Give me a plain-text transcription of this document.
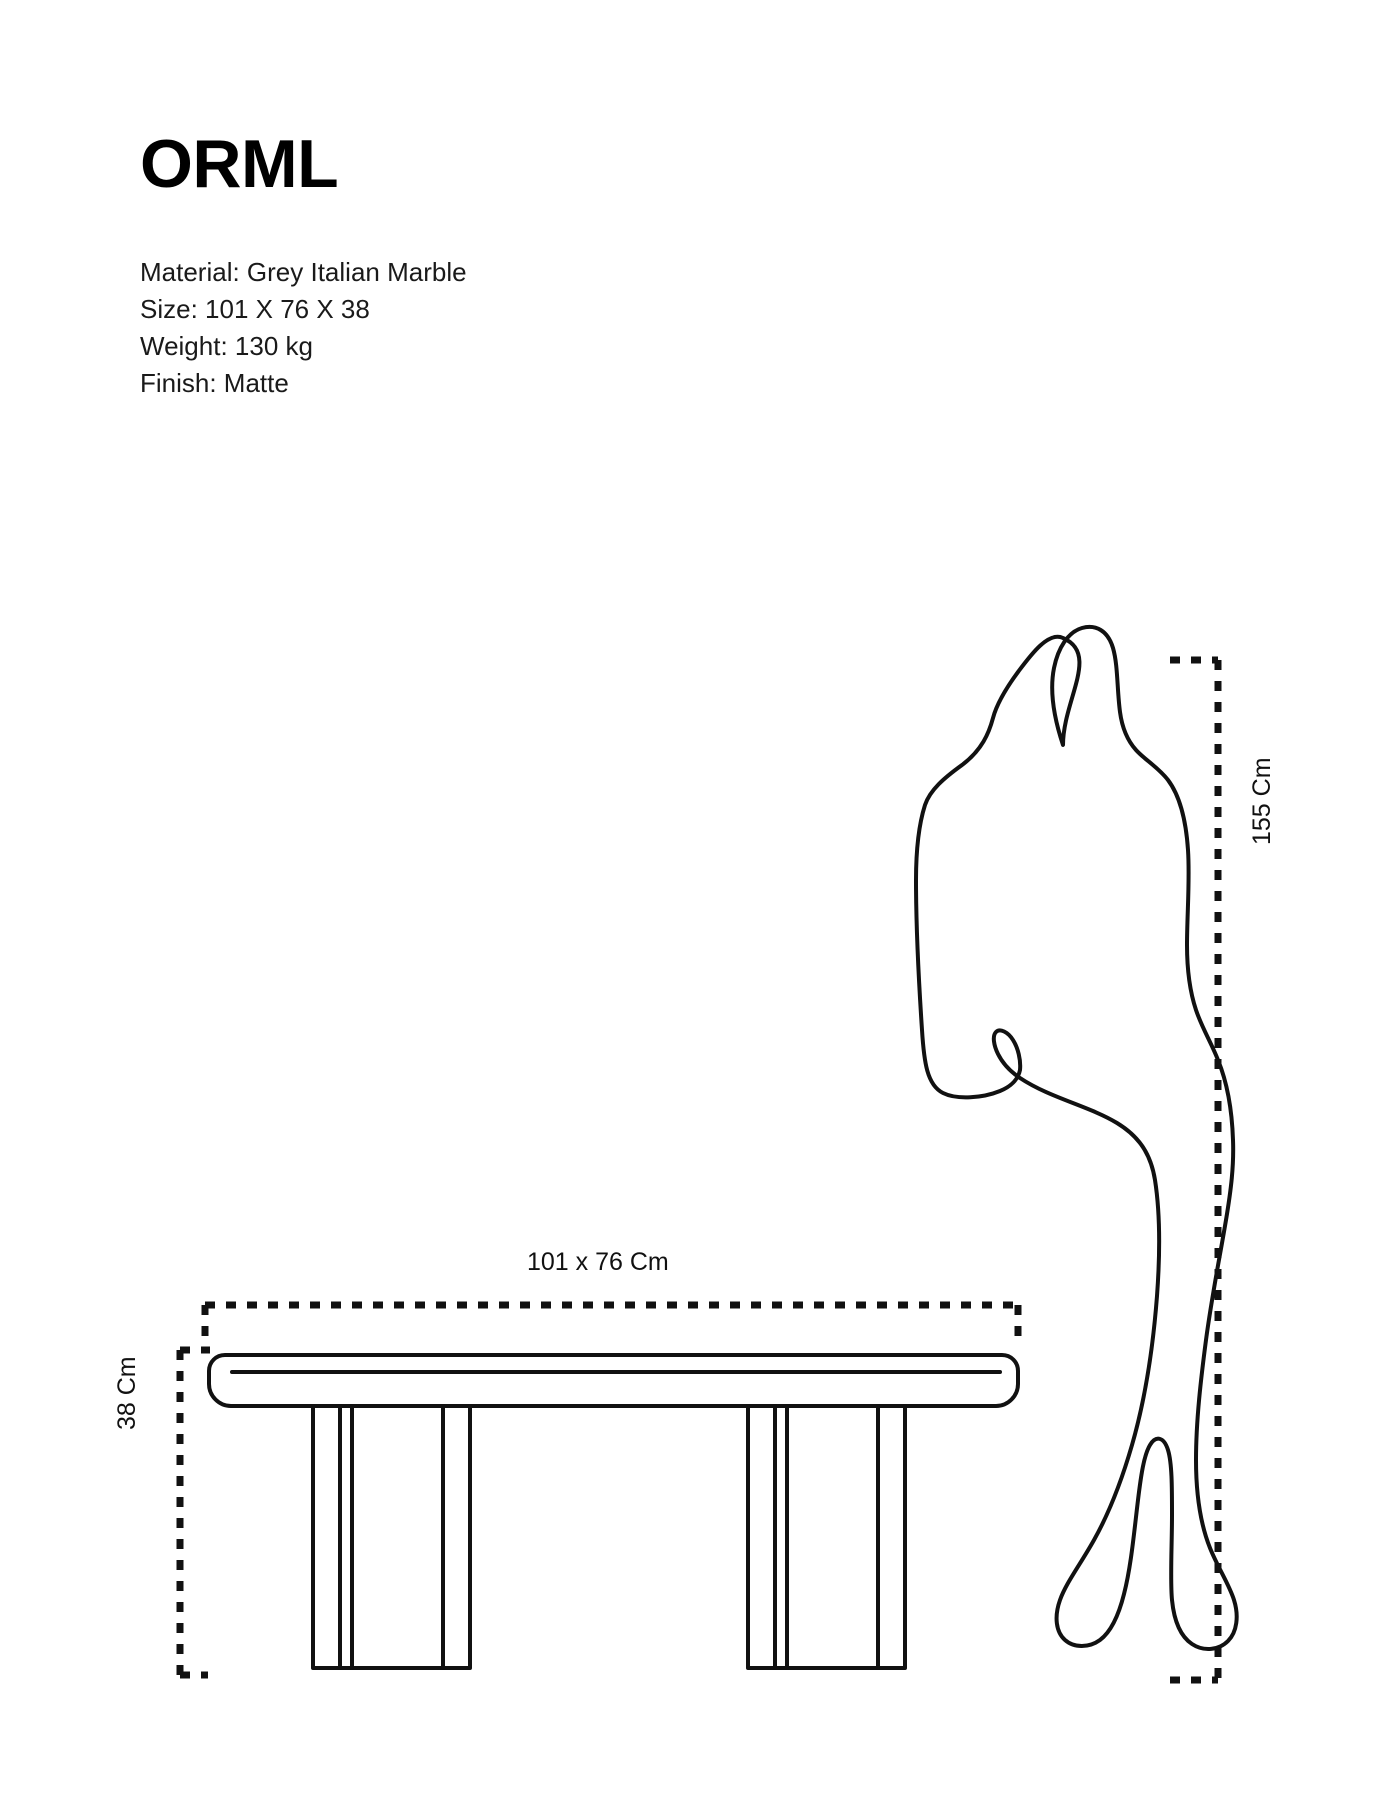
ORML
Material: Grey Italian Marble
Size: 101 X 76 X 38
Weight: 130 kg
Finish: Matte
101 x 76 Cm
38 Cm
155 Cm
